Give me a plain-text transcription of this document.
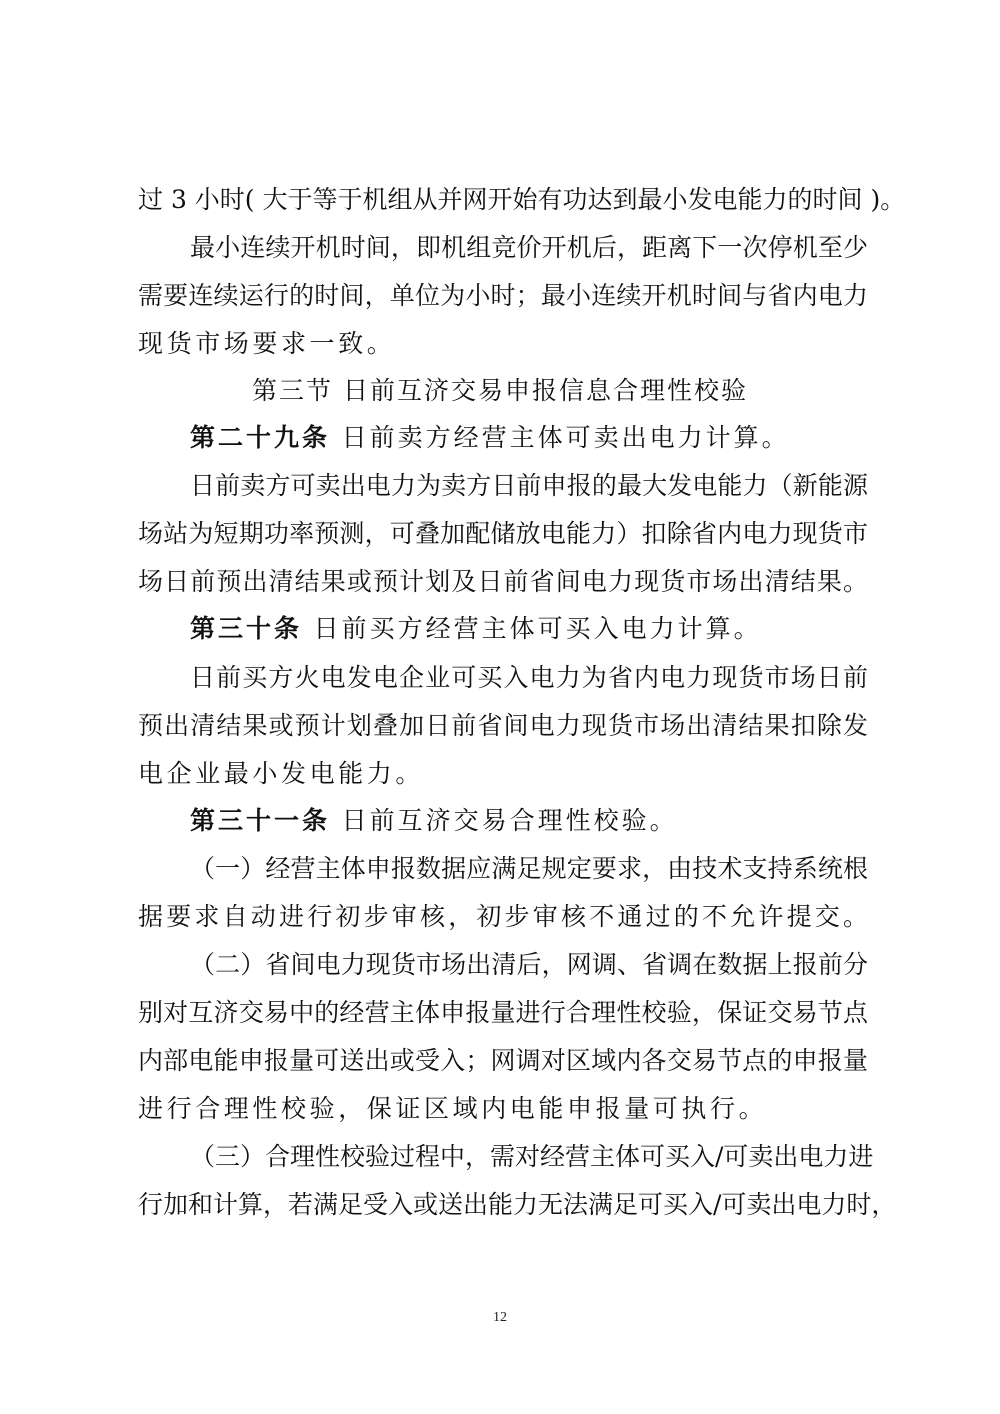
过 3 小时( 大于等于机组从并网开始有功达到最小发电能力的时间 )。
最小连续开机时间，即机组竞价开机后，距离下一次停机至少
需要连续运行的时间，单位为小时；最小连续开机时间与省内电力
现货市场要求一致。
第三节 日前互济交易申报信息合理性校验
第二十九条 日前卖方经营主体可卖出电力计算。
日前卖方可卖出电力为卖方日前申报的最大发电能力（新能源
场站为短期功率预测，可叠加配储放电能力）扣除省内电力现货市
场日前预出清结果或预计划及日前省间电力现货市场出清结果。
第三十条 日前买方经营主体可买入电力计算。
日前买方火电发电企业可买入电力为省内电力现货市场日前
预出清结果或预计划叠加日前省间电力现货市场出清结果扣除发
电企业最小发电能力。
第三十一条 日前互济交易合理性校验。
（一）经营主体申报数据应满足规定要求，由技术支持系统根
据要求自动进行初步审核，初步审核不通过的不允许提交。
（二）省间电力现货市场出清后，网调、省调在数据上报前分
别对互济交易中的经营主体申报量进行合理性校验，保证交易节点
内部电能申报量可送出或受入；网调对区域内各交易节点的申报量
进行合理性校验，保证区域内电能申报量可执行。
（三）合理性校验过程中，需对经营主体可买入/可卖出电力进
行加和计算，若满足受入或送出能力无法满足可买入/可卖出电力时，
12
